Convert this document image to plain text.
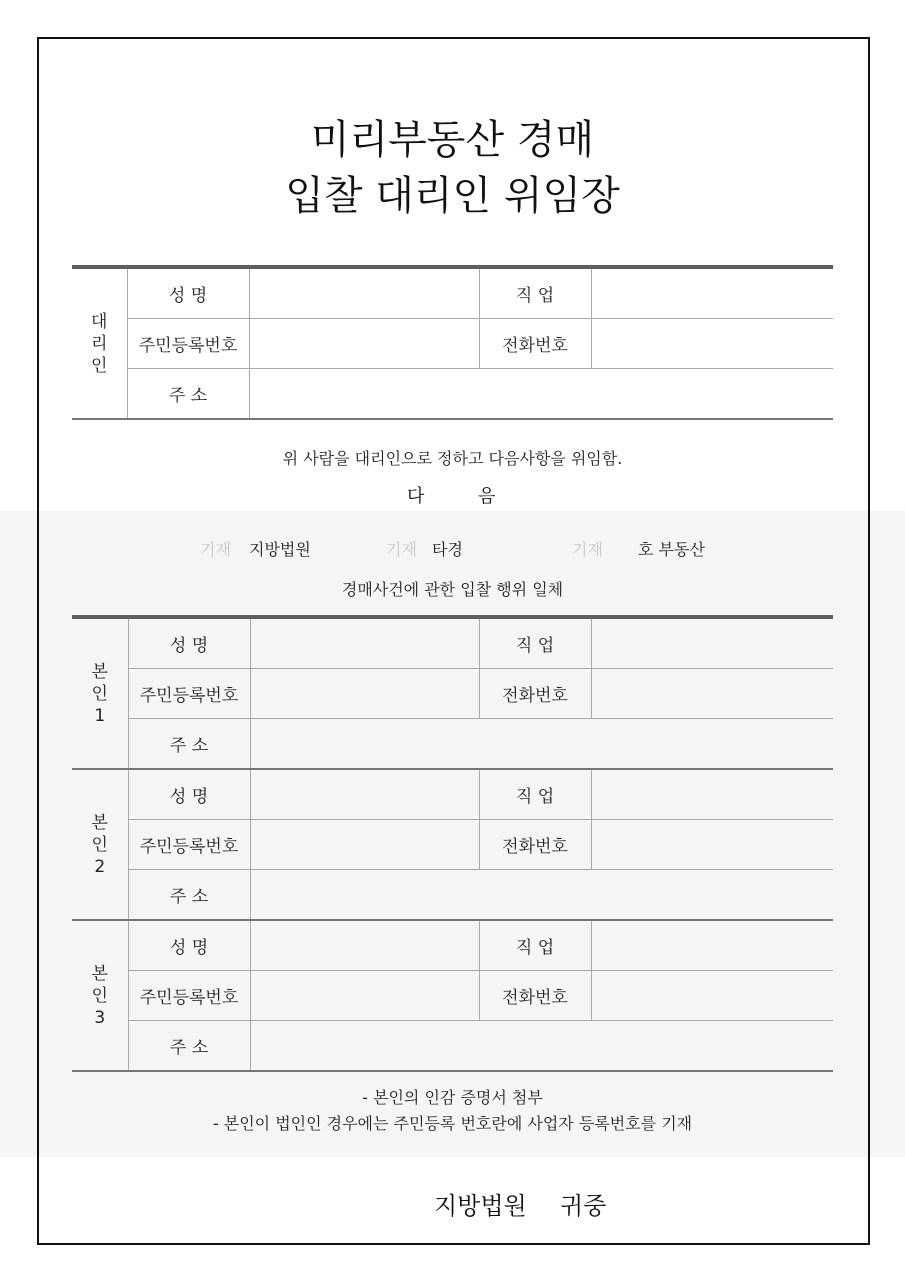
미리부동산 경매
입찰 대리인 위임장
대
리
인	성 명		직 업	
	주민등록번호		전화번호	
	주 소			
위 사람을 대리인으로 정하고 다음사항을 위임함.
다	음
기재 지방법원	기재 타경	기재 호 부동산
경매사건에 관한 입찰 행위 일체
본
인
1	성 명		직 업	
	주민등록번호		전화번호	
	주 소			

본
인
2	성 명		직 업	
	주민등록번호		전화번호	
	주 소			

본
인
3	성 명		직 업	
	주민등록번호		전화번호	
	주 소			
- 본인의 인감 증명서 첨부
- 본인이 법인인 경우에는 주민등록 번호란에 사업자 등록번호를 기재
지방법원 귀중
